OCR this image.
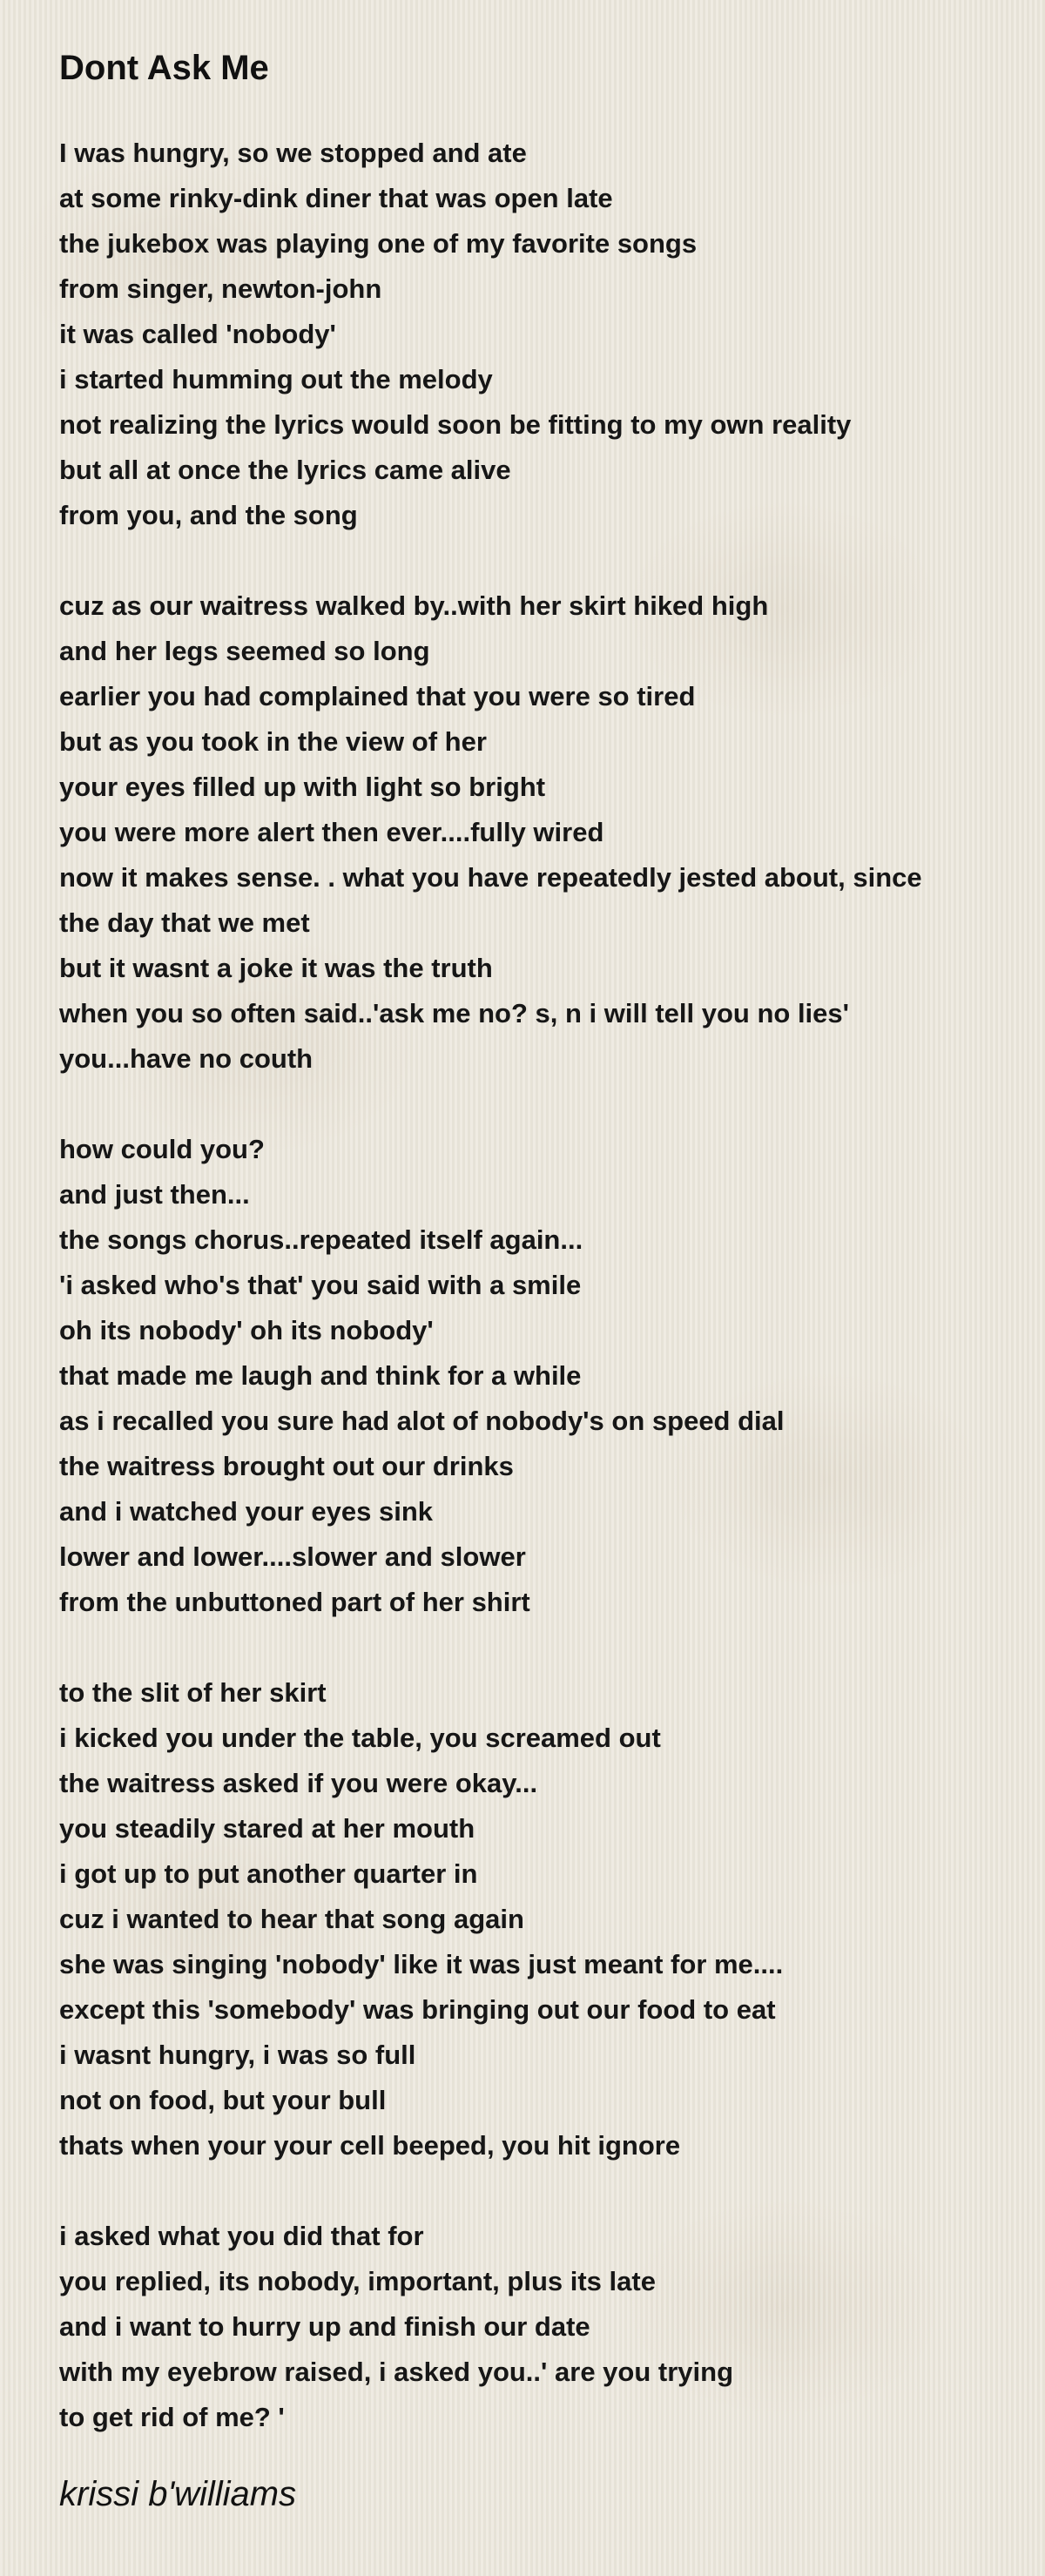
Dont Ask Me
I was hungry, so we stopped and ate
at some rinky-dink diner that was open late
the jukebox was playing one of my favorite songs
from singer, newton-john
it was called 'nobody'
i started humming out the melody
not realizing the lyrics would soon be fitting to my own reality
but all at once the lyrics came alive
from you, and the song
cuz as our waitress walked by..with her skirt hiked high
and her legs seemed so long
earlier you had complained that you were so tired
but as you took in the view of her
your eyes filled up with light so bright
you were more alert then ever....fully wired
now it makes sense. . what you have repeatedly jested about, since
the day that we met
but it wasnt a joke it was the truth
when you so often said..'ask me no? s, n i will tell you no lies'
you...have no couth
how could you?
and just then...
the songs chorus..repeated itself again...
'i asked who's that' you said with a smile
oh its nobody' oh its nobody'
that made me laugh and think for a while
as i recalled you sure had alot of nobody's on speed dial
the waitress brought out our drinks
and i watched your eyes sink
lower and lower....slower and slower
from the unbuttoned part of her shirt
to the slit of her skirt
i kicked you under the table, you screamed out
the waitress asked if you were okay...
you steadily stared at her mouth
i got up to put another quarter in
cuz i wanted to hear that song again
she was singing 'nobody' like it was just meant for me....
except this 'somebody' was bringing out our food to eat
i wasnt hungry, i was so full
not on food, but your bull
thats when your your cell beeped, you hit ignore
i asked what you did that for
you replied, its nobody, important, plus its late
and i want to hurry up and finish our date
with my eyebrow raised, i asked you..' are you trying
to get rid of me? '
krissi b'williams
